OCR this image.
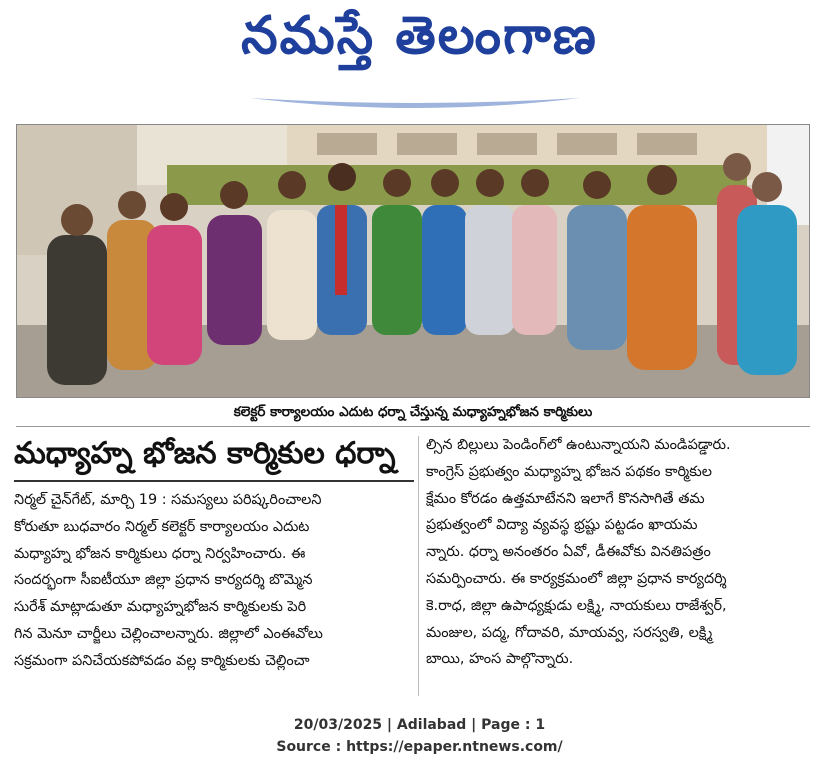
నమస్తే తెలంగాణ
కలెక్టర్ కార్యాలయం ఎదుట ధర్నా చేస్తున్న మధ్యాహ్నభోజన కార్మికులు
మధ్యాహ్న భోజన కార్మికుల ధర్నా
నిర్మల్ చైన్‌గేట్, మార్చి 19 : సమస్యలు పరిష్కరించాలని
కోరుతూ బుధవారం నిర్మల్ కలెక్టర్ కార్యాలయం ఎదుట
మధ్యాహ్న భోజన కార్మికులు ధర్నా నిర్వహించారు. ఈ
సందర్భంగా సీఐటీయూ జిల్లా ప్రధాన కార్యదర్శి బొమ్మెన
సురేశ్ మాట్లాడుతూ మధ్యాహ్నభోజన కార్మికులకు పెరి
గిన మెనూ చార్జీలు చెల్లించాలన్నారు. జిల్లాలో ఎంఈవోలు
సక్రమంగా పనిచేయకపోవడం వల్ల కార్మికులకు చెల్లించా
ల్సిన బిల్లులు పెండింగ్‌లో ఉంటున్నాయని మండిపడ్డారు.
కాంగ్రెస్ ప్రభుత్వం మధ్యాహ్న భోజన పథకం కార్మికుల
క్షేమం కోరడం ఉత్తమాటేనని ఇలాగే కొనసాగితే తమ
ప్రభుత్వంలో విద్యా వ్యవస్థ భ్రష్టు పట్టడం ఖాయమ
న్నారు. ధర్నా అనంతరం ఏవో, డీఈవోకు వినతిపత్రం
సమర్పించారు. ఈ కార్యక్రమంలో జిల్లా ప్రధాన కార్యదర్శి
కె.రాధ, జిల్లా ఉపాధ్యక్షుడు లక్ష్మి, నాయకులు రాజేశ్వర్,
మంజుల, పద్మ, గోదావరి, మాయవ్వ, సరస్వతి, లక్ష్మి
బాయి, హంస పాల్గొన్నారు.
20/03/2025 | Adilabad | Page : 1
Source : https://epaper.ntnews.com/
